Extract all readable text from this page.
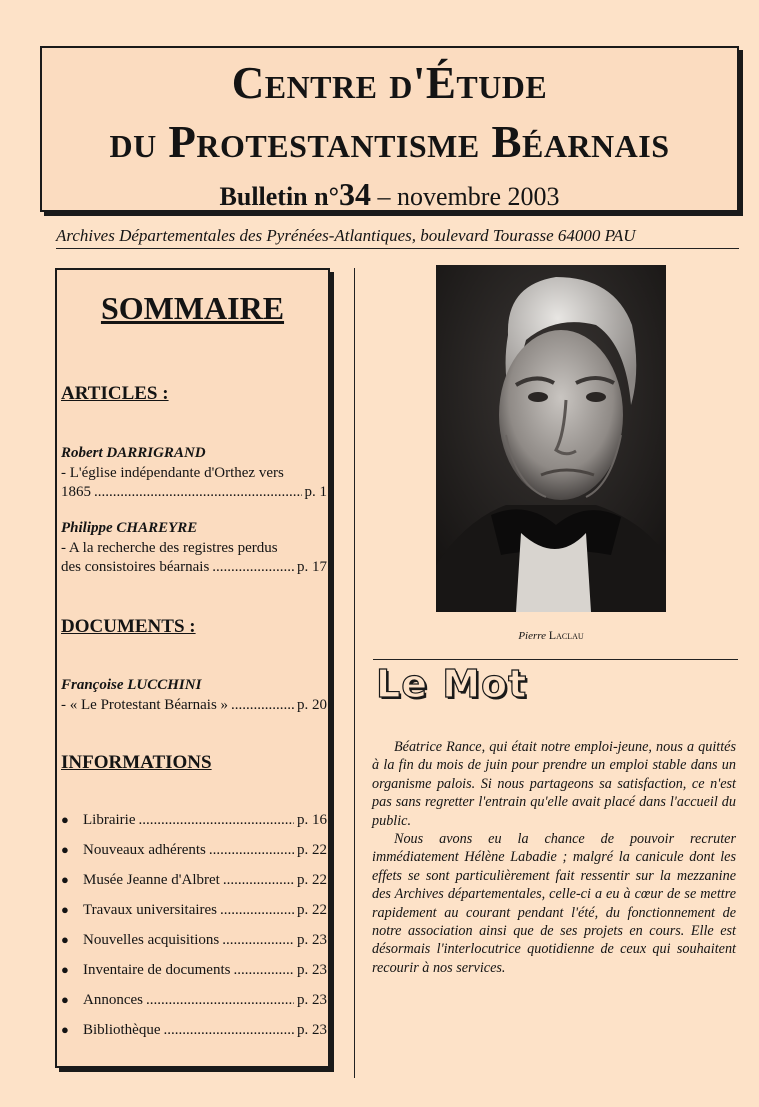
Centre d'Étude
du Protestantisme Béarnais
Bulletin n°34 – novembre 2003
Archives Départementales des Pyrénées-Atlantiques, boulevard Tourasse 64000 PAU
SOMMAIRE
ARTICLES :
Robert DARRIGRAND
- L'église indépendante d'Orthez vers
1865 .....	p. 1
Philippe CHAREYRE
- A la recherche des registres perdus
des consistoires béarnais .....	p. 17
DOCUMENTS :
Françoise LUCCHINI
- « Le Protestant Béarnais » .....	p. 20
INFORMATIONS
● Librairie .....	p. 16
● Nouveaux adhérents .....	p. 22
● Musée Jeanne d'Albret .....	p. 22
● Travaux universitaires .....	p. 22
● Nouvelles acquisitions .....	p. 23
● Inventaire de documents .....	p. 23
● Annonces .....	p. 23
● Bibliothèque .....	p. 23
Pierre Laclau
Le Mot

Béatrice Rance, qui était notre emploi-jeune, nous a quittés à la fin du mois de juin pour prendre un emploi stable dans un organisme palois. Si nous partageons sa satisfaction, ce n'est pas sans regretter l'entrain qu'elle avait placé dans l'accueil du public.

Nous avons eu la chance de pouvoir recruter immédiatement Hélène Labadie ; malgré la canicule dont les effets se sont particulièrement fait ressentir sur la mezzanine des Archives départementales, celle-ci a eu à cœur de se mettre rapidement au courant pendant l'été, du fonctionnement de notre association ainsi que de ses projets en cours. Elle est désormais l'interlocutrice quotidienne de ceux qui souhaitent recourir à nos services.
